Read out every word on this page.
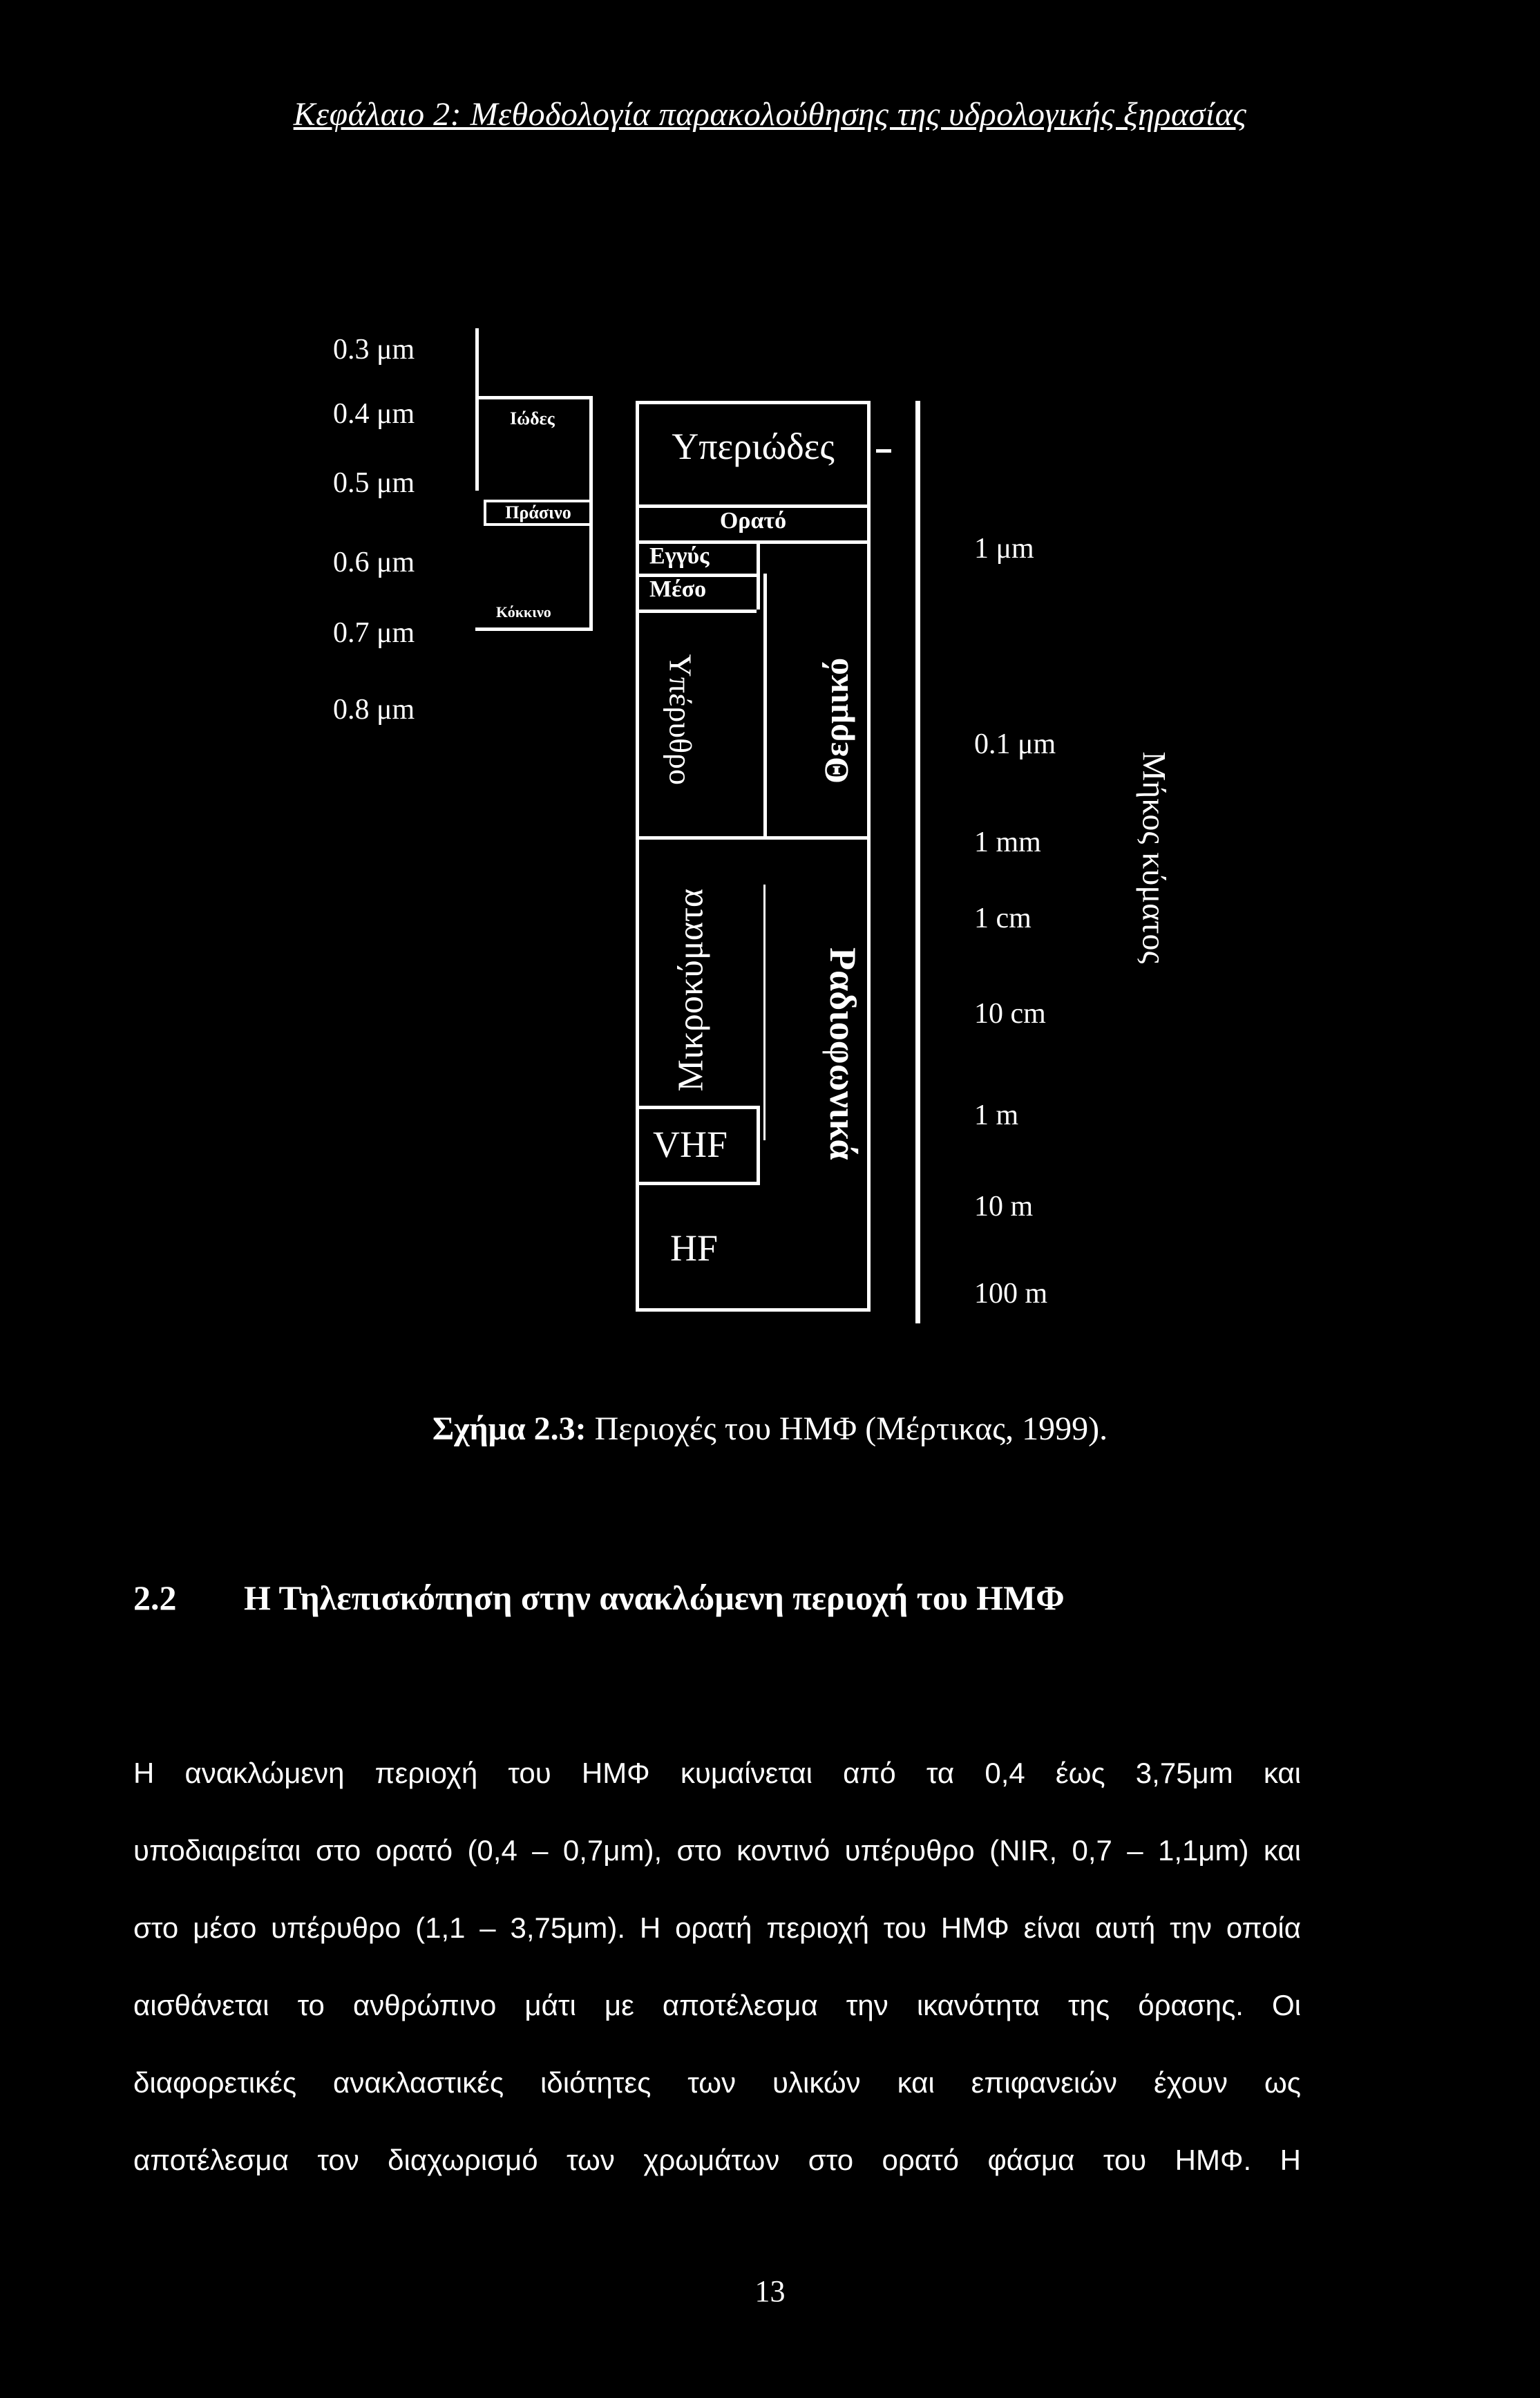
Κεφάλαιο 2: Μεθοδολογία παρακολούθησης της υδρολογικής ξηρασίας
0.3 μm
0.4 μm
0.5 μm
0.6 μm
0.7 μm
0.8 μm
Ιώδες
Πράσινο
Κόκκινο
Υπεριώδες
Ορατό
Εγγύς
Μέσο
Υπέρυθρο	Θερμικό
Μικροκύματα	Ραδιοφωνικά
VHF
HF
1 μm
0.1 μm
1 mm
1 cm
10 cm
1 m
10 m
100 m
Μήκος κύματος
Σχήμα 2.3: Περιοχές του ΗΜΦ (Μέρτικας, 1999).
2.2 Η Τηλεπισκόπηση στην ανακλώμενη περιοχή του ΗΜΦ
Η ανακλώμενη περιοχή του ΗΜΦ κυμαίνεται από τα 0,4 έως 3,75μm και
υποδιαιρείται στο ορατό (0,4 – 0,7μm), στο κοντινό υπέρυθρο (NIR, 0,7 – 1,1μm) και
στο μέσο υπέρυθρο (1,1 – 3,75μm). Η ορατή περιοχή του ΗΜΦ είναι αυτή την οποία
αισθάνεται το ανθρώπινο μάτι με αποτέλεσμα την ικανότητα της όρασης. Οι
διαφορετικές ανακλαστικές ιδιότητες των υλικών και επιφανειών έχουν ως
αποτέλεσμα τον διαχωρισμό των χρωμάτων στο ορατό φάσμα του ΗΜΦ. Η
13
